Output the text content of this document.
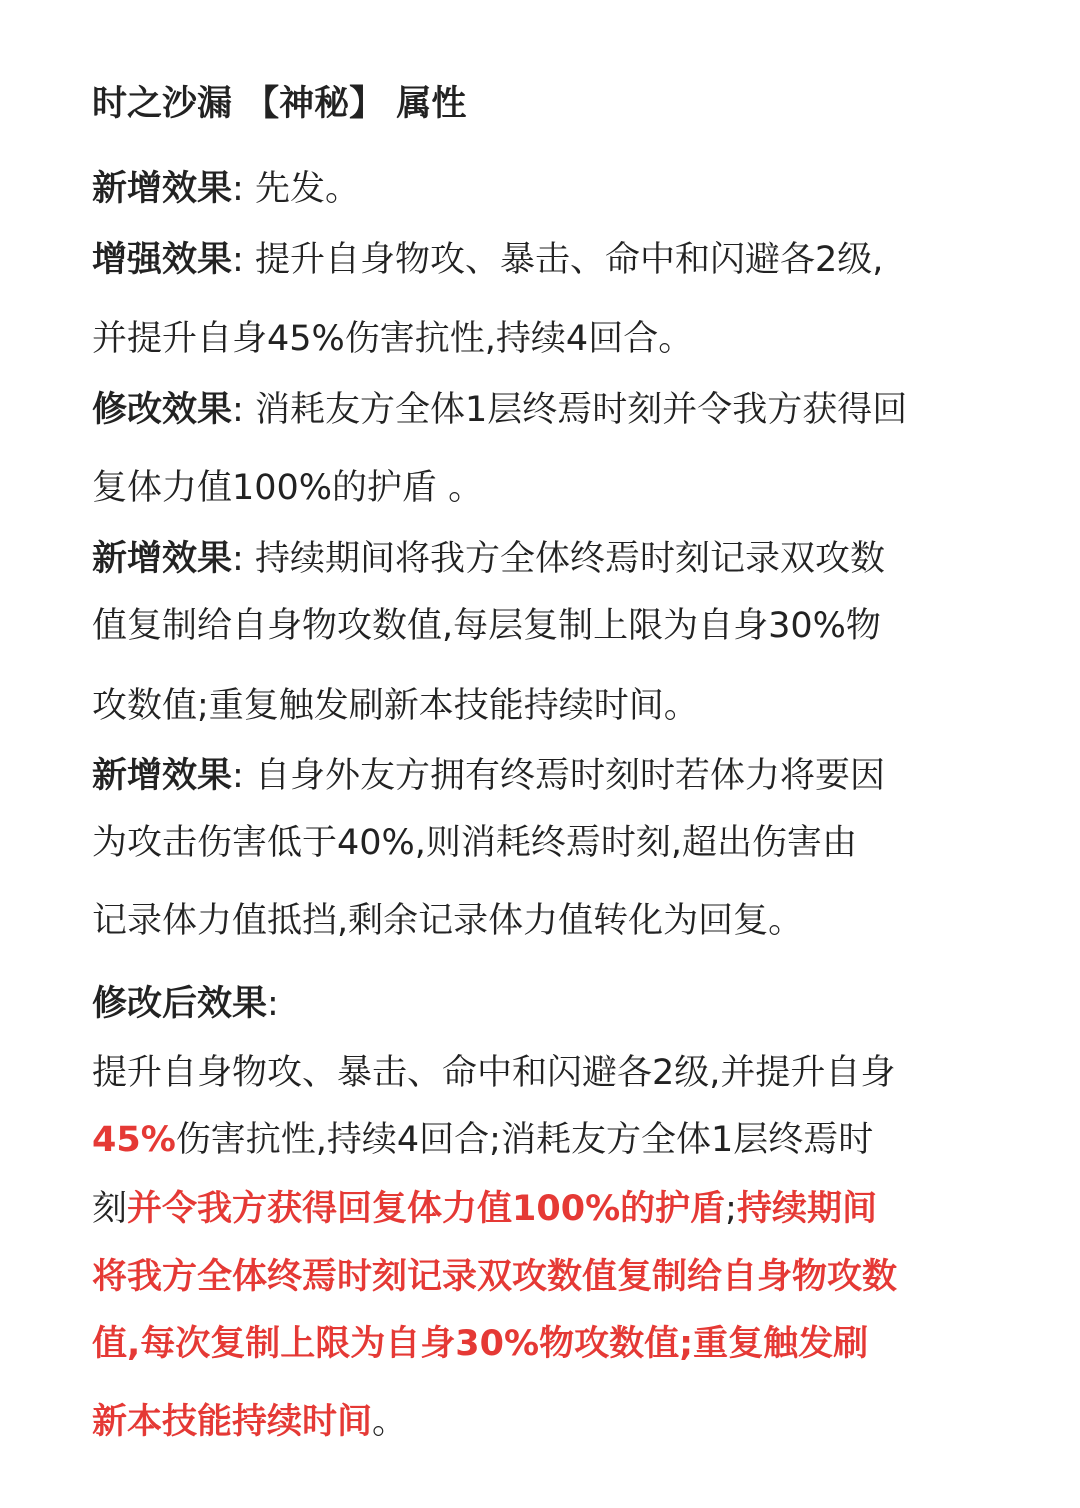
时之沙漏 【神秘】 属性

新增效果: 先发。

增强效果: 提升自身物攻、暴击、命中和闪避各2级,

并提升自身45%伤害抗性,持续4回合。

修改效果: 消耗友方全体1层终焉时刻并令我方获得回

复体力值100%的护盾 。

新增效果: 持续期间将我方全体终焉时刻记录双攻数

值复制给自身物攻数值,每层复制上限为自身30%物

攻数值;重复触发刷新本技能持续时间。

新增效果: 自身外友方拥有终焉时刻时若体力将要因

为攻击伤害低于40%,则消耗终焉时刻,超出伤害由

记录体力值抵挡,剩余记录体力值转化为回复。

修改后效果:

提升自身物攻、暴击、命中和闪避各2级,并提升自身

45%伤害抗性,持续4回合;消耗友方全体1层终焉时

刻并令我方获得回复体力值100%的护盾;持续期间

将我方全体终焉时刻记录双攻数值复制给自身物攻数

值,每次复制上限为自身30%物攻数值;重复触发刷

新本技能持续时间。
